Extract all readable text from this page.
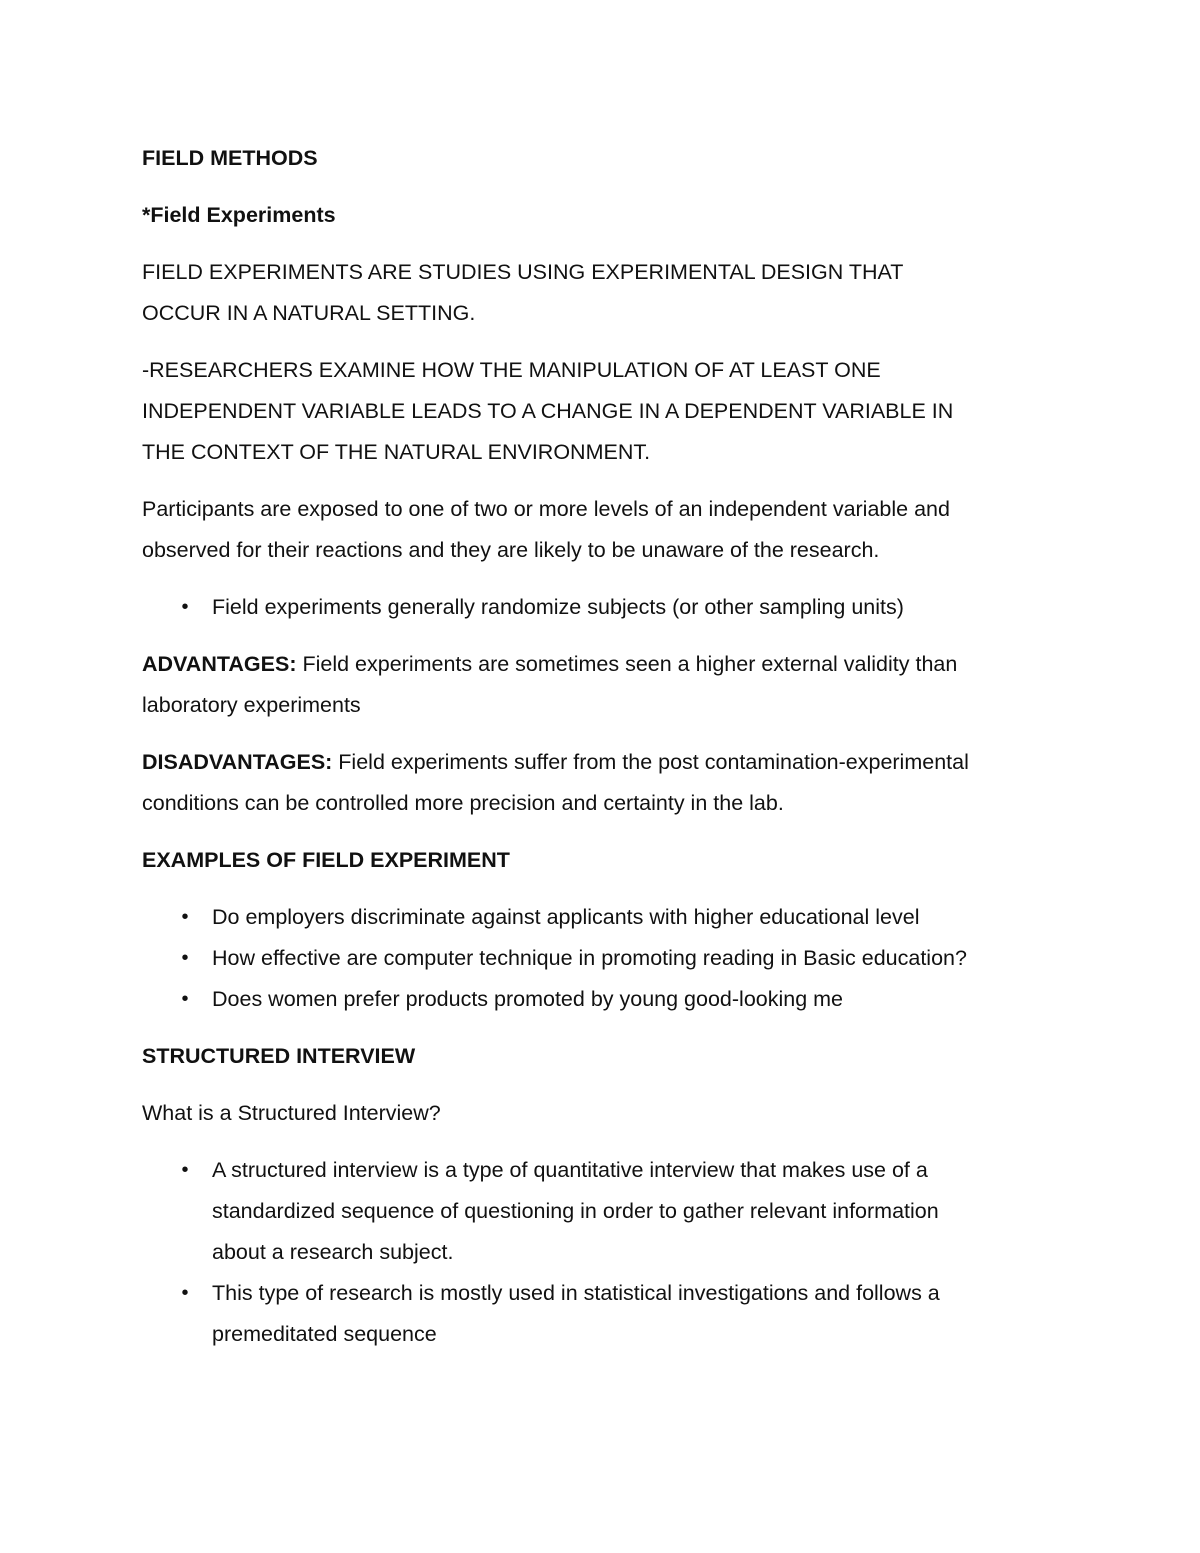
FIELD METHODS

*Field Experiments

FIELD EXPERIMENTS ARE STUDIES USING EXPERIMENTAL DESIGN THAT

OCCUR IN A NATURAL SETTING.

-RESEARCHERS EXAMINE HOW THE MANIPULATION OF AT LEAST ONE

INDEPENDENT VARIABLE LEADS TO A CHANGE IN A DEPENDENT VARIABLE IN

THE CONTEXT OF THE NATURAL ENVIRONMENT.

Participants are exposed to one of two or more levels of an independent variable and

observed for their reactions and they are likely to be unaware of the research.

•	Field experiments generally randomize subjects (or other sampling units)

ADVANTAGES: Field experiments are sometimes seen a higher external validity than

laboratory experiments

DISADVANTAGES: Field experiments suffer from the post contamination-experimental

conditions can be controlled more precision and certainty in the lab.

EXAMPLES OF FIELD EXPERIMENT

•	Do employers discriminate against applicants with higher educational level
•	How effective are computer technique in promoting reading in Basic education?
•	Does women prefer products promoted by young good-looking me

STRUCTURED INTERVIEW

What is a Structured Interview?

•	A structured interview is a type of quantitative interview that makes use of a

standardized sequence of questioning in order to gather relevant information

about a research subject.

•	This type of research is mostly used in statistical investigations and follows a

premeditated sequence
